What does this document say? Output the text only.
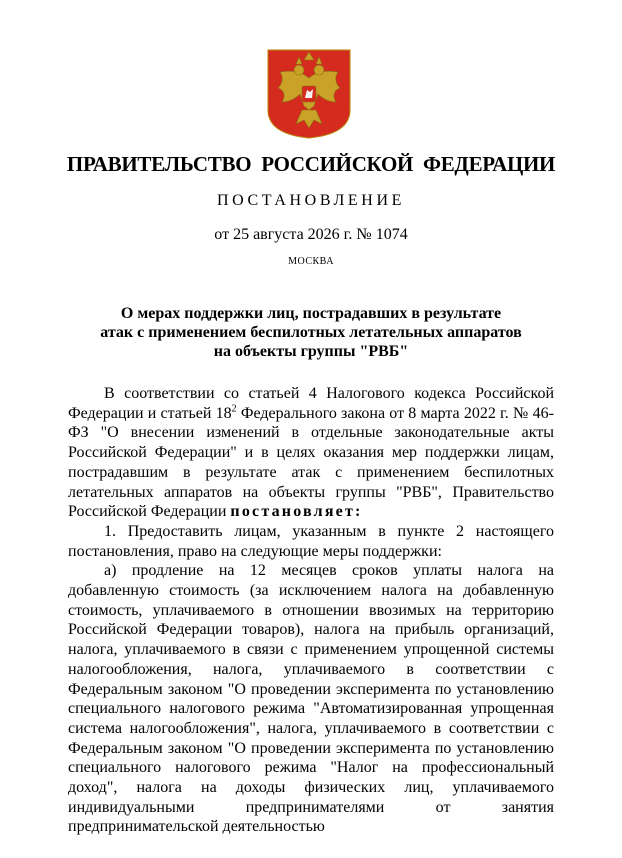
ПРАВИТЕЛЬСТВО РОССИЙСКОЙ ФЕДЕРАЦИИ
ПОСТАНОВЛЕНИЕ
от 25 августа 2026 г. № 1074
МОСКВА
О мерах поддержки лиц, пострадавших в результате
атак с применением беспилотных летательных аппаратов
на объекты группы "РВБ"

В соответствии со статьей 4 Налогового кодекса Российской Федерации и статьей $18^2$ Федерального закона от 8 марта 2022 г. № 46-ФЗ "О внесении изменений в отдельные законодательные акты Российской Федерации" и в целях оказания мер поддержки лицам, пострадавшим в результате атак с применением беспилотных летательных аппаратов на объекты группы "РВБ", Правительство Российской Федерации постановляет:

1. Предоставить лицам, указанным в пункте 2 настоящего постановления, право на следующие меры поддержки:

а) продление на 12 месяцев сроков уплаты налога на добавленную стоимость (за исключением налога на добавленную стоимость, уплачиваемого в отношении ввозимых на территорию Российской Федерации товаров), налога на прибыль организаций, налога, уплачиваемого в связи с применением упрощенной системы налогообложения, налога, уплачиваемого в соответствии с Федеральным законом "О проведении эксперимента по установлению специального налогового режима "Автоматизированная упрощенная система налогообложения", налога, уплачиваемого в соответствии с Федеральным законом "О проведении эксперимента по установлению специального налогового режима "Налог на профессиональный доход", налога на доходы физических лиц, уплачиваемого индивидуальными предпринимателями от занятия предпринимательской деятельностью
